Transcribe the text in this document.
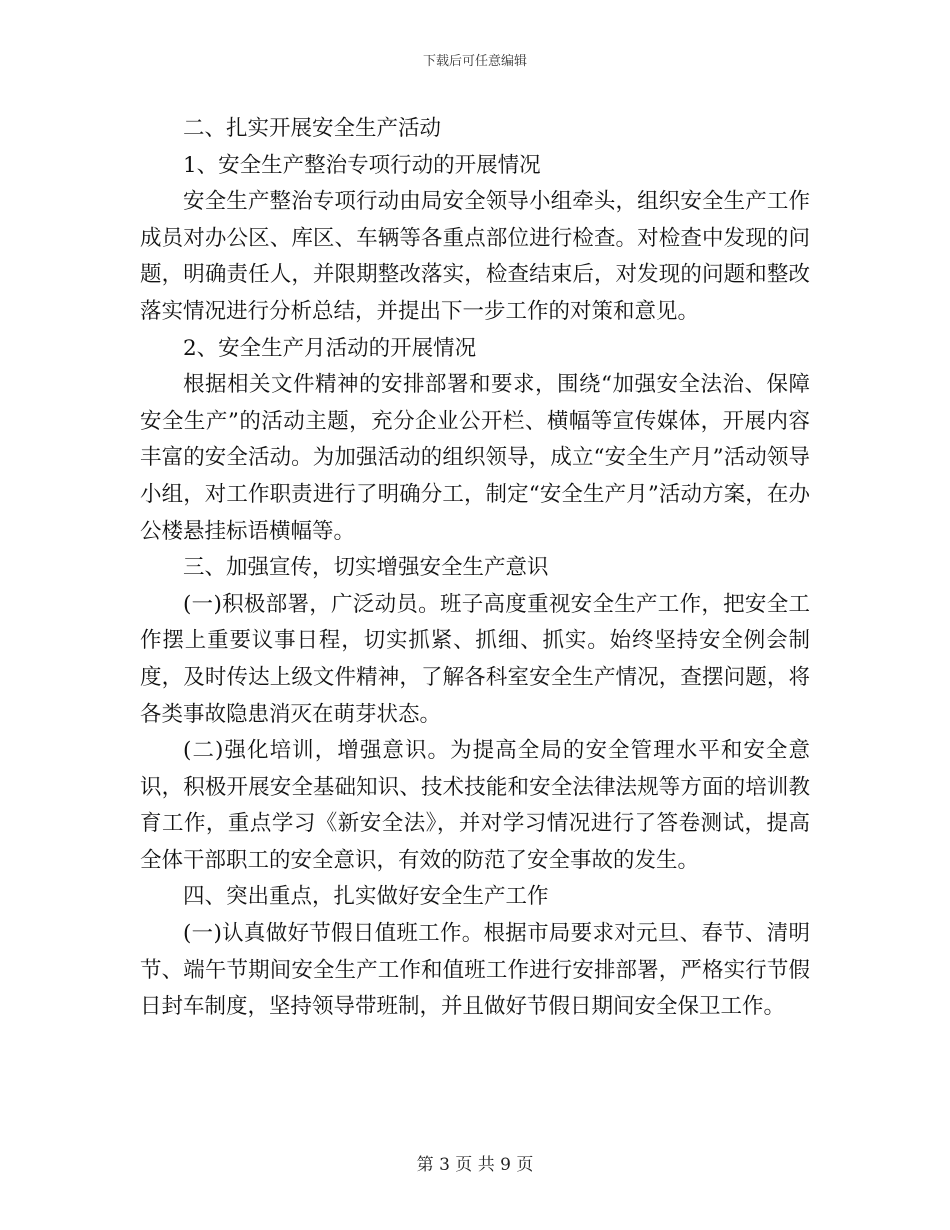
下载后可任意编辑

二、扎实开展安全生产活动

1、安全生产整治专项行动的开展情况

安全生产整治专项行动由局安全领导小组牵头，组织安全生产工作成员对办公区、库区、车辆等各重点部位进行检查。对检查中发现的问题，明确责任人，并限期整改落实，检查结束后，对发现的问题和整改落实情况进行分析总结，并提出下一步工作的对策和意见。

2、安全生产月活动的开展情况

根据相关文件精神的安排部署和要求，围绕“加强安全法治、保障安全生产”的活动主题，充分企业公开栏、横幅等宣传媒体，开展内容丰富的安全活动。为加强活动的组织领导，成立“安全生产月”活动领导小组，对工作职责进行了明确分工，制定“安全生产月”活动方案，在办公楼悬挂标语横幅等。

三、加强宣传，切实增强安全生产意识

(一)积极部署，广泛动员。班子高度重视安全生产工作，把安全工作摆上重要议事日程，切实抓紧、抓细、抓实。始终坚持安全例会制度，及时传达上级文件精神，了解各科室安全生产情况，查摆问题，将各类事故隐患消灭在萌芽状态。

(二)强化培训，增强意识。为提高全局的安全管理水平和安全意识，积极开展安全基础知识、技术技能和安全法律法规等方面的培训教育工作，重点学习《新安全法》，并对学习情况进行了答卷测试，提高全体干部职工的安全意识，有效的防范了安全事故的发生。

四、突出重点，扎实做好安全生产工作

(一)认真做好节假日值班工作。根据市局要求对元旦、春节、清明节、端午节期间安全生产工作和值班工作进行安排部署，严格实行节假日封车制度，坚持领导带班制，并且做好节假日期间安全保卫工作。

第 3 页 共 9 页
